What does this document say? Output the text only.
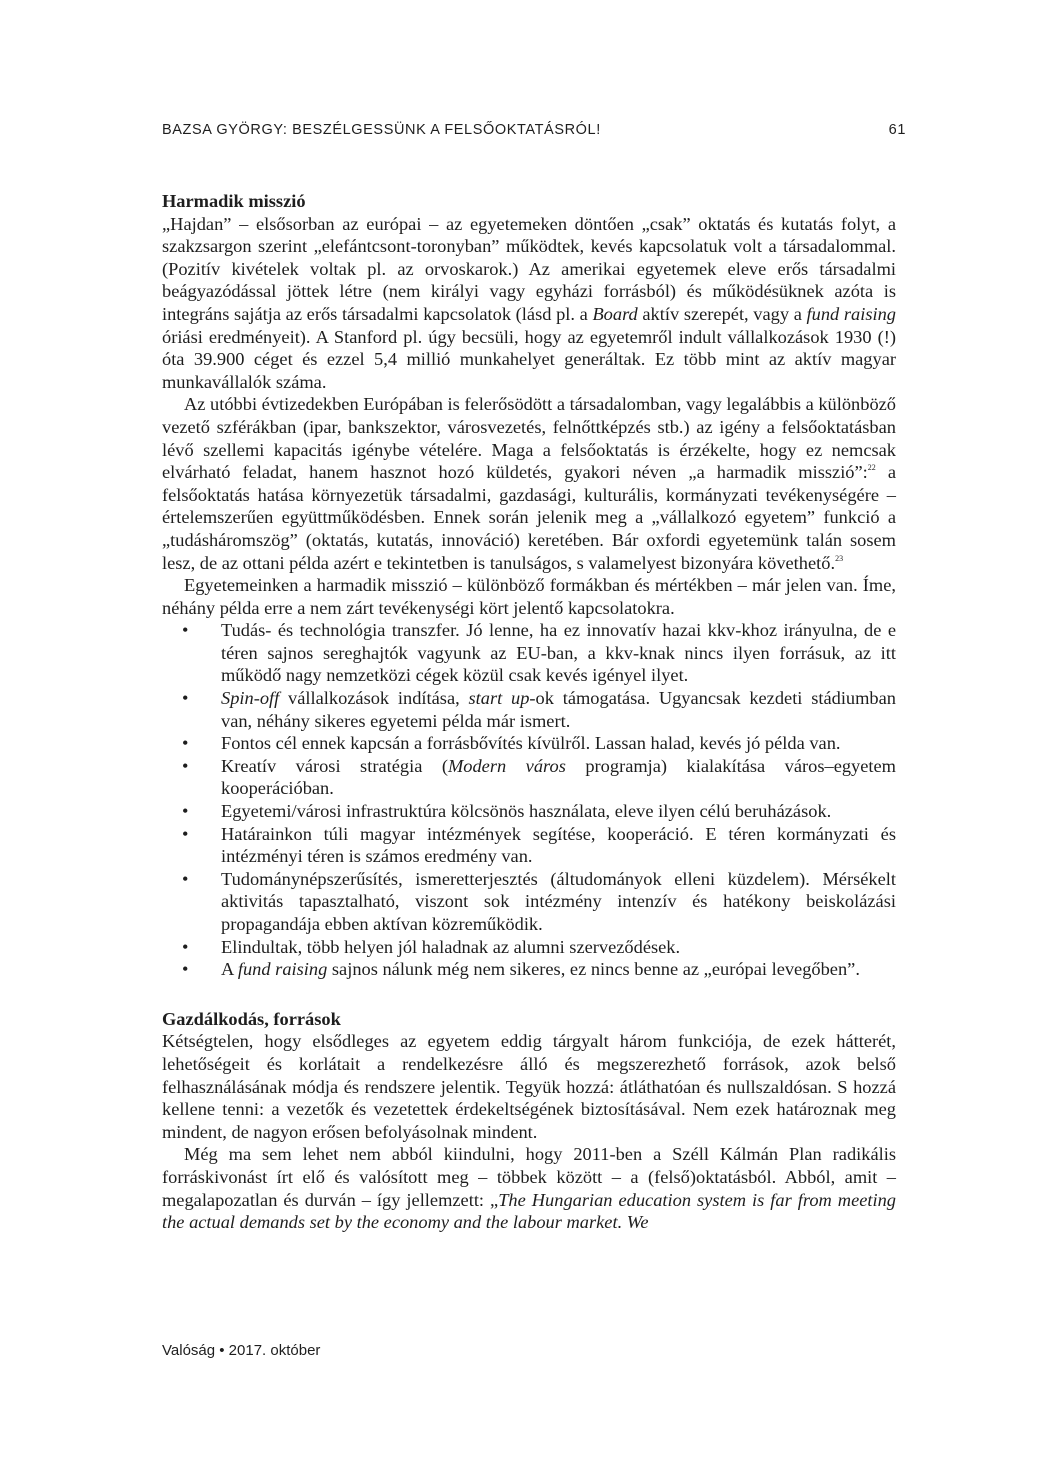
BAZSA GYÖRGY: BESZÉLGESSÜNK A FELSŐOKTATÁSRÓL!	61
Harmadik misszió

„Hajdan” – elsősorban az európai – az egyetemeken döntően „csak” oktatás és kutatás folyt, a szakzsargon szerint „elefántcsont-toronyban” működtek, kevés kapcsolatuk volt a társadalommal. (Pozitív kivételek voltak pl. az orvoskarok.) Az amerikai egyetemek eleve erős társadalmi beágyazódással jöttek létre (nem királyi vagy egyházi forrásból) és működésüknek azóta is integráns sajátja az erős társadalmi kapcsolatok (lásd pl. a Board aktív szerepét, vagy a fund raising óriási eredményeit). A Stanford pl. úgy becsüli, hogy az egyetemről indult vállalkozások 1930 (!) óta 39.900 céget és ezzel 5,4 millió munkahelyet generáltak. Ez több mint az aktív magyar munkavállalók száma.

Az utóbbi évtizedekben Európában is felerősödött a társadalomban, vagy legalábbis a különböző vezető szférákban (ipar, bankszektor, városvezetés, felnőttképzés stb.) az igény a felsőoktatásban lévő szellemi kapacitás igénybe vételére. Maga a felsőoktatás is érzékelte, hogy ez nemcsak elvárható feladat, hanem hasznot hozó küldetés, gyakori néven „a harmadik misszió”:$^{22}$ a felsőoktatás hatása környezetük társadalmi, gazdasági, kulturális, kormányzati tevékenységére – értelemszerűen együttműködésben. Ennek során jelenik meg a „vállalkozó egyetem” funkció a „tudásháromszög” (oktatás, kutatás, innováció) keretében. Bár oxfordi egyetemünk talán sosem lesz, de az ottani példa azért e tekintetben is tanulságos, s valamelyest bizonyára követhető.$^{23}$

Egyetemeinken a harmadik misszió – különböző formákban és mértékben – már jelen van. Íme, néhány példa erre a nem zárt tevékenységi kört jelentő kapcsolatokra.

• Tudás- és technológia transzfer. Jó lenne, ha ez innovatív hazai kkv-khoz irányulna, de e téren sajnos sereghajtók vagyunk az EU-ban, a kkv-knak nincs ilyen forrásuk, az itt működő nagy nemzetközi cégek közül csak kevés igényel ilyet.
• Spin-off vállalkozások indítása, start up-ok támogatása. Ugyancsak kezdeti stádiumban van, néhány sikeres egyetemi példa már ismert.
• Fontos cél ennek kapcsán a forrásbővítés kívülről. Lassan halad, kevés jó példa van.
• Kreatív városi stratégia (Modern város programja) kialakítása város–egyetem kooperációban.
• Egyetemi/városi infrastruktúra kölcsönös használata, eleve ilyen célú beruházások.
• Határainkon túli magyar intézmények segítése, kooperáció. E téren kormányzati és intézményi téren is számos eredmény van.
• Tudománynépszerűsítés, ismeretterjesztés (áltudományok elleni küzdelem). Mérsékelt aktivitás tapasztalható, viszont sok intézmény intenzív és hatékony beiskolázási propagandája ebben aktívan közreműködik.
• Elindultak, több helyen jól haladnak az alumni szerveződések.
• A fund raising sajnos nálunk még nem sikeres, ez nincs benne az „európai levegőben”.
Gazdálkodás, források

Kétségtelen, hogy elsődleges az egyetem eddig tárgyalt három funkciója, de ezek hátterét, lehetőségeit és korlátait a rendelkezésre álló és megszerezhető források, azok belső felhasználásának módja és rendszere jelentik. Tegyük hozzá: átláthatóan és nullszaldósan. S hozzá kellene tenni: a vezetők és vezetettek érdekeltségének biztosításával. Nem ezek határoznak meg mindent, de nagyon erősen befolyásolnak mindent.

Még ma sem lehet nem abból kiindulni, hogy 2011-ben a Széll Kálmán Plan radikális forráskivonást írt elő és valósított meg – többek között – a (felső)oktatásból. Abból, amit – megalapozatlan és durván – így jellemzett: „The Hungarian education system is far from meeting the actual demands set by the economy and the labour market. We

Valóság • 2017. október
